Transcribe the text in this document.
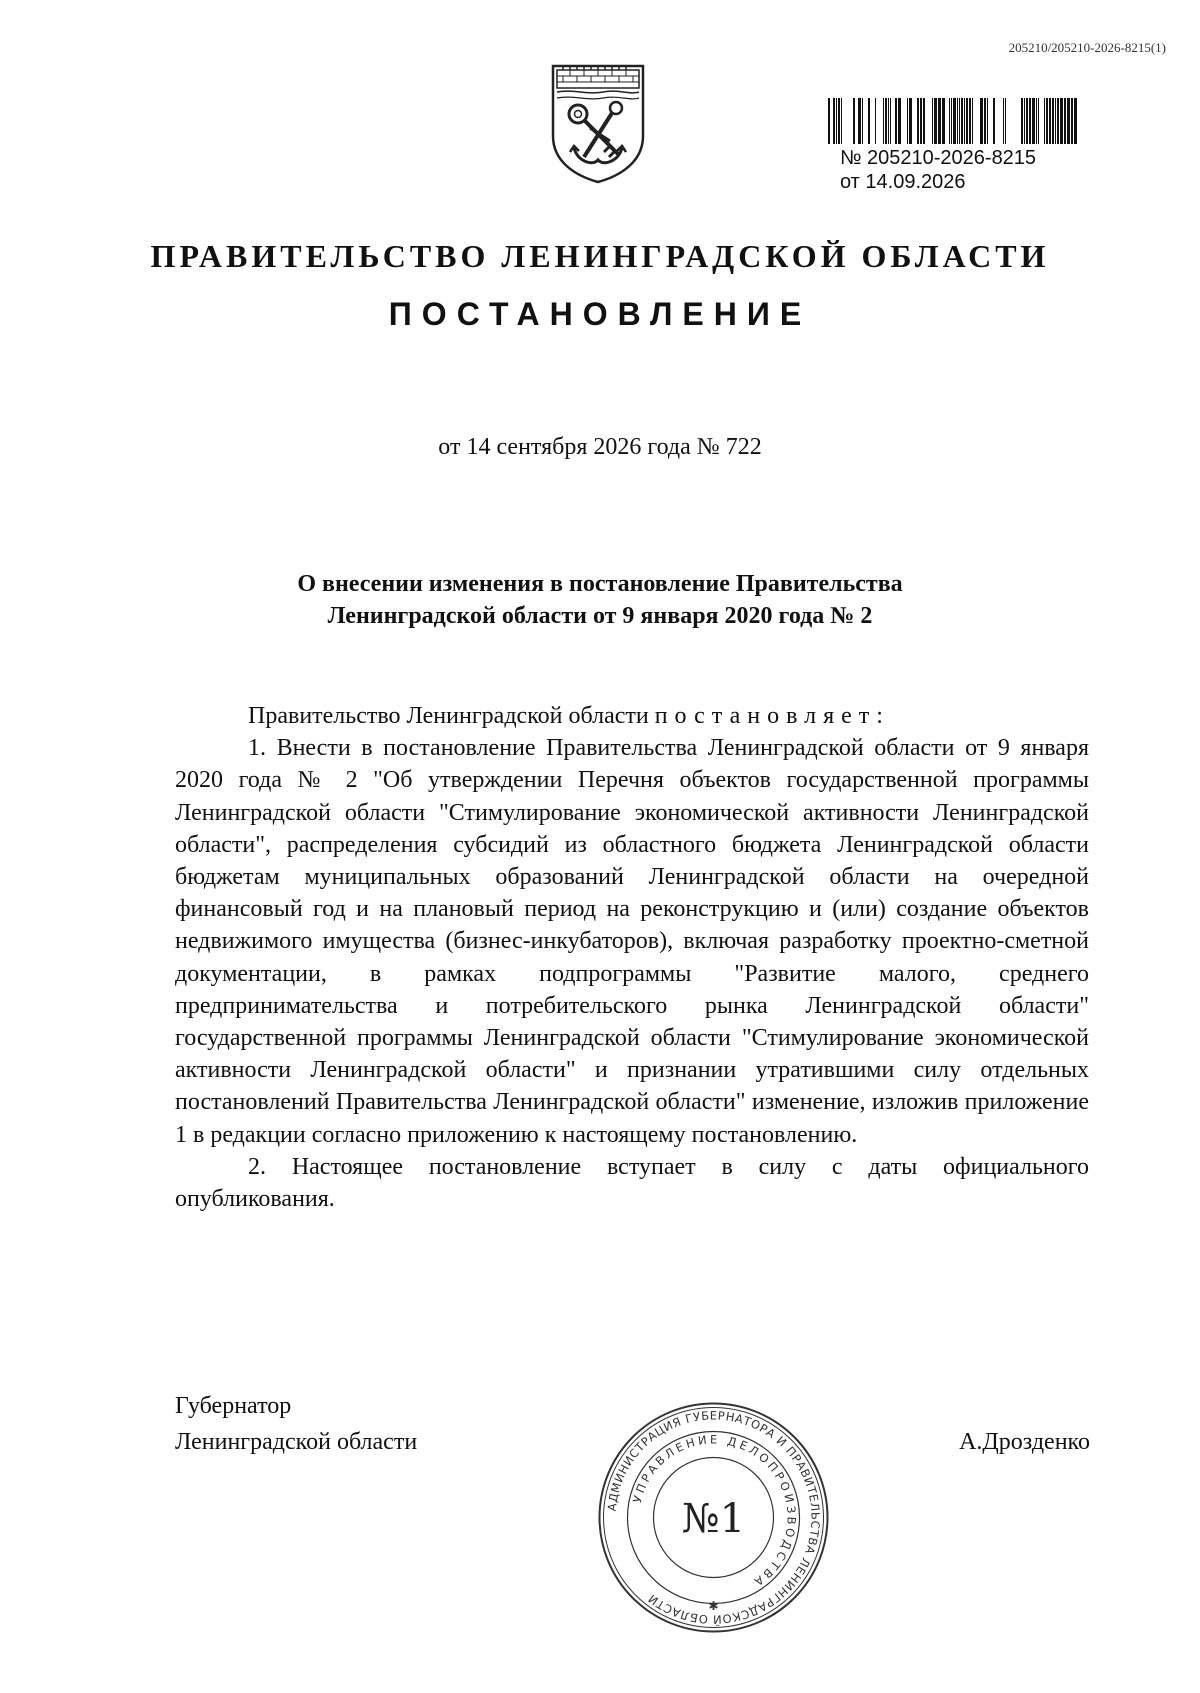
205210/205210-2026-8215(1)
№ 205210-2026-8215
от 14.09.2026
ПРАВИТЕЛЬСТВО ЛЕНИНГРАДСКОЙ ОБЛАСТИ
ПОСТАНОВЛЕНИЕ
от 14 сентября 2026 года № 722
О внесении изменения в постановление Правительства
Ленинградской области от 9 января 2020 года № 2

Правительство Ленинградской области постановляет:

1. Внести в постановление Правительства Ленинградской области от 9 января 2020 года № 2 "Об утверждении Перечня объектов государственной программы Ленинградской области "Стимулирование экономической активности Ленинградской области", распределения субсидий из областного бюджета Ленинградской области бюджетам муниципальных образований Ленинградской области на очередной финансовый год и на плановый период на реконструкцию и (или) создание объектов недвижимого имущества (бизнес-инкубаторов), включая разработку проектно-сметной документации, в рамках подпрограммы "Развитие малого, среднего предпринимательства и потребительского рынка Ленинградской области" государственной программы Ленинградской области "Стимулирование экономической активности Ленинградской области" и признании утратившими силу отдельных постановлений Правительства Ленинградской области" изменение, изложив приложение 1 в редакции согласно приложению к настоящему постановлению.

2. Настоящее постановление вступает в силу с даты официального опубликования.

Губернатор
Ленинградской области	А.Дрозденко
АДМИНИСТРАЦИЯ ГУБЕРНАТОРА И ПРАВИТЕЛЬСТВА ЛЕНИНГРАДСКОЙ ОБЛАСТИ
УПРАВЛЕНИЕ ДЕЛОПРОИЗВОДСТВА
№1
✱
